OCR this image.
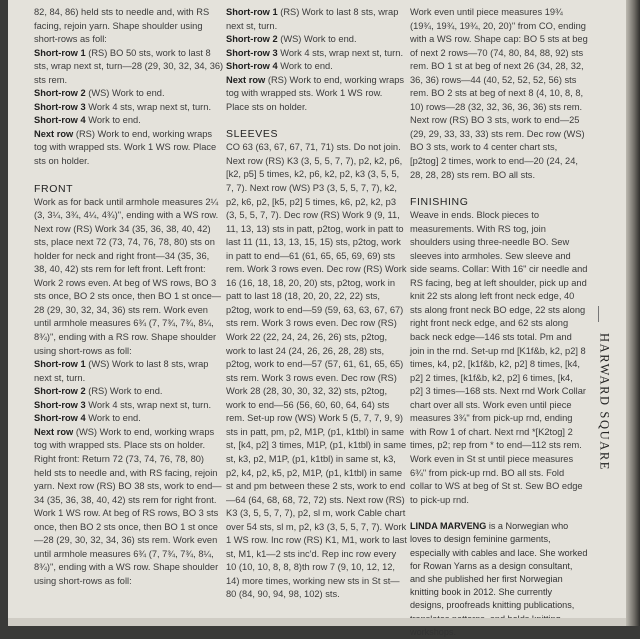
82, 84, 86) held sts to needle and, with RS facing, rejoin yarn. Shape shoulder using short-rows as foll:

Short-row 1 (RS) BO 50 sts, work to last 8 sts, wrap next st, turn—28 (29, 30, 32, 34, 36) sts rem.

Short-row 2 (WS) Work to end.

Short-row 3 Work 4 sts, wrap next st, turn.

Short-row 4 Work to end.

Next row (RS) Work to end, working wraps tog with wrapped sts. Work 1 WS row. Place sts on holder.

FRONT

Work as for back until armhole measures 2¼ (3, 3¼, 3¾, 4¼, 4¾)", ending with a WS row. Next row (RS) Work 34 (35, 36, 38, 40, 42) sts, place next 72 (73, 74, 76, 78, 80) sts on holder for neck and right front—34 (35, 36, 38, 40, 42) sts rem for left front. Left front: Work 2 rows even. At beg of WS rows, BO 3 sts once, BO 2 sts once, then BO 1 st once—28 (29, 30, 32, 34, 36) sts rem. Work even until armhole measures 6¾ (7, 7¾, 7¾, 8¼, 8¾)", ending with a RS row. Shape shoulder using short-rows as foll:

Short-row 1 (WS) Work to last 8 sts, wrap next st, turn.

Short-row 2 (RS) Work to end.

Short-row 3 Work 4 sts, wrap next st, turn.

Short-row 4 Work to end.

Next row (WS) Work to end, working wraps tog with wrapped sts. Place sts on holder. Right front: Return 72 (73, 74, 76, 78, 80) held sts to needle and, with RS facing, rejoin yarn. Next row (RS) BO 38 sts, work to end—34 (35, 36, 38, 40, 42) sts rem for right front. Work 1 WS row. At beg of RS rows, BO 3 sts once, then BO 2 sts once, then BO 1 st once—28 (29, 30, 32, 34, 36) sts rem. Work even until armhole measures 6¾ (7, 7¾, 7¾, 8¼, 8¾)", ending with a WS row. Shape shoulder using short-rows as foll:

Short-row 1 (RS) Work to last 8 sts, wrap next st, turn.

Short-row 2 (WS) Work to end.

Short-row 3 Work 4 sts, wrap next st, turn.

Short-row 4 Work to end.

Next row (RS) Work to end, working wraps tog with wrapped sts. Work 1 WS row. Place sts on holder.

SLEEVES

CO 63 (63, 67, 67, 71, 71) sts. Do not join. Next row (RS) K3 (3, 5, 5, 7, 7), p2, k2, p6, [k2, p5] 5 times, k2, p6, k2, p2, k3 (3, 5, 5, 7, 7). Next row (WS) P3 (3, 5, 5, 7, 7), k2, p2, k6, p2, [k5, p2] 5 times, k6, p2, k2, p3 (3, 5, 5, 7, 7). Dec row (RS) Work 9 (9, 11, 11, 13, 13) sts in patt, p2tog, work in patt to last 11 (11, 13, 13, 15, 15) sts, p2tog, work in patt to end—61 (61, 65, 65, 69, 69) sts rem. Work 3 rows even. Dec row (RS) Work 16 (16, 18, 18, 20, 20) sts, p2tog, work in patt to last 18 (18, 20, 20, 22, 22) sts, p2tog, work to end—59 (59, 63, 63, 67, 67) sts rem. Work 3 rows even. Dec row (RS) Work 22 (22, 24, 24, 26, 26) sts, p2tog, work to last 24 (24, 26, 26, 28, 28) sts, p2tog, work to end—57 (57, 61, 61, 65, 65) sts rem. Work 3 rows even. Dec row (RS) Work 28 (28, 30, 30, 32, 32) sts, p2tog, work to end—56 (56, 60, 60, 64, 64) sts rem. Set-up row (WS) Work 5 (5, 7, 7, 9, 9) sts in patt, pm, p2, M1P, (p1, k1tbl) in same st, [k4, p2] 3 times, M1P, (p1, k1tbl) in same st, k3, p2, M1P, (p1, k1tbl) in same st, k3, p2, k4, p2, k5, p2, M1P, (p1, k1tbl) in same st and pm between these 2 sts, work to end—64 (64, 68, 68, 72, 72) sts. Next row (RS) K3 (3, 5, 5, 7, 7), p2, sl m, work Cable chart over 54 sts, sl m, p2, k3 (3, 5, 5, 7, 7). Work 1 WS row. Inc row (RS) K1, M1, work to last st, M1, k1—2 sts inc'd. Rep inc row every 10 (10, 10, 8, 8, 8)th row 7 (9, 10, 12, 12, 14) more times, working new sts in St st—80 (84, 90, 94, 98, 102) sts.

Work even until piece measures 19¾ (19¾, 19¾, 19¾, 20, 20)" from CO, ending with a WS row. Shape cap: BO 5 sts at beg of next 2 rows—70 (74, 80, 84, 88, 92) sts rem. BO 1 st at beg of next 26 (34, 28, 32, 36, 36) rows—44 (40, 52, 52, 52, 56) sts rem. BO 2 sts at beg of next 8 (4, 10, 8, 8, 10) rows—28 (32, 32, 36, 36, 36) sts rem. Next row (RS) BO 3 sts, work to end—25 (29, 29, 33, 33, 33) sts rem. Dec row (WS) BO 3 sts, work to 4 center chart sts, [p2tog] 2 times, work to end—20 (24, 24, 28, 28, 28) sts rem. BO all sts.

FINISHING

Weave in ends. Block pieces to measurements. With RS tog, join shoulders using three-needle BO. Sew sleeves into armholes. Sew sleeve and side seams. Collar: With 16" cir needle and RS facing, beg at left shoulder, pick up and knit 22 sts along left front neck edge, 40 sts along front neck BO edge, 22 sts along right front neck edge, and 62 sts along back neck edge—146 sts total. Pm and join in the rnd. Set-up rnd [K1f&b, k2, p2] 8 times, k4, p2, [k1f&b, k2, p2] 8 times, [k4, p2] 2 times, [k1f&b, k2, p2] 6 times, [k4, p2] 3 times—168 sts. Next rnd Work Collar chart over all sts. Work even until piece measures 3¾" from pick-up rnd, ending with Row 1 of chart. Next rnd *[K2tog] 2 times, p2; rep from * to end—112 sts rem. Work even in St st until piece measures 6¾" from pick-up rnd. BO all sts. Fold collar to WS at beg of St st. Sew BO edge to pick-up rnd.

LINDA MARVENG is a Norwegian who loves to design feminine garments, especially with cables and lace. She worked for Rowan Yarns as a design consultant, and she published her first Norwegian knitting book in 2012. She currently designs, proofreads knitting publications, workshops.

HARWARD SQUARE
